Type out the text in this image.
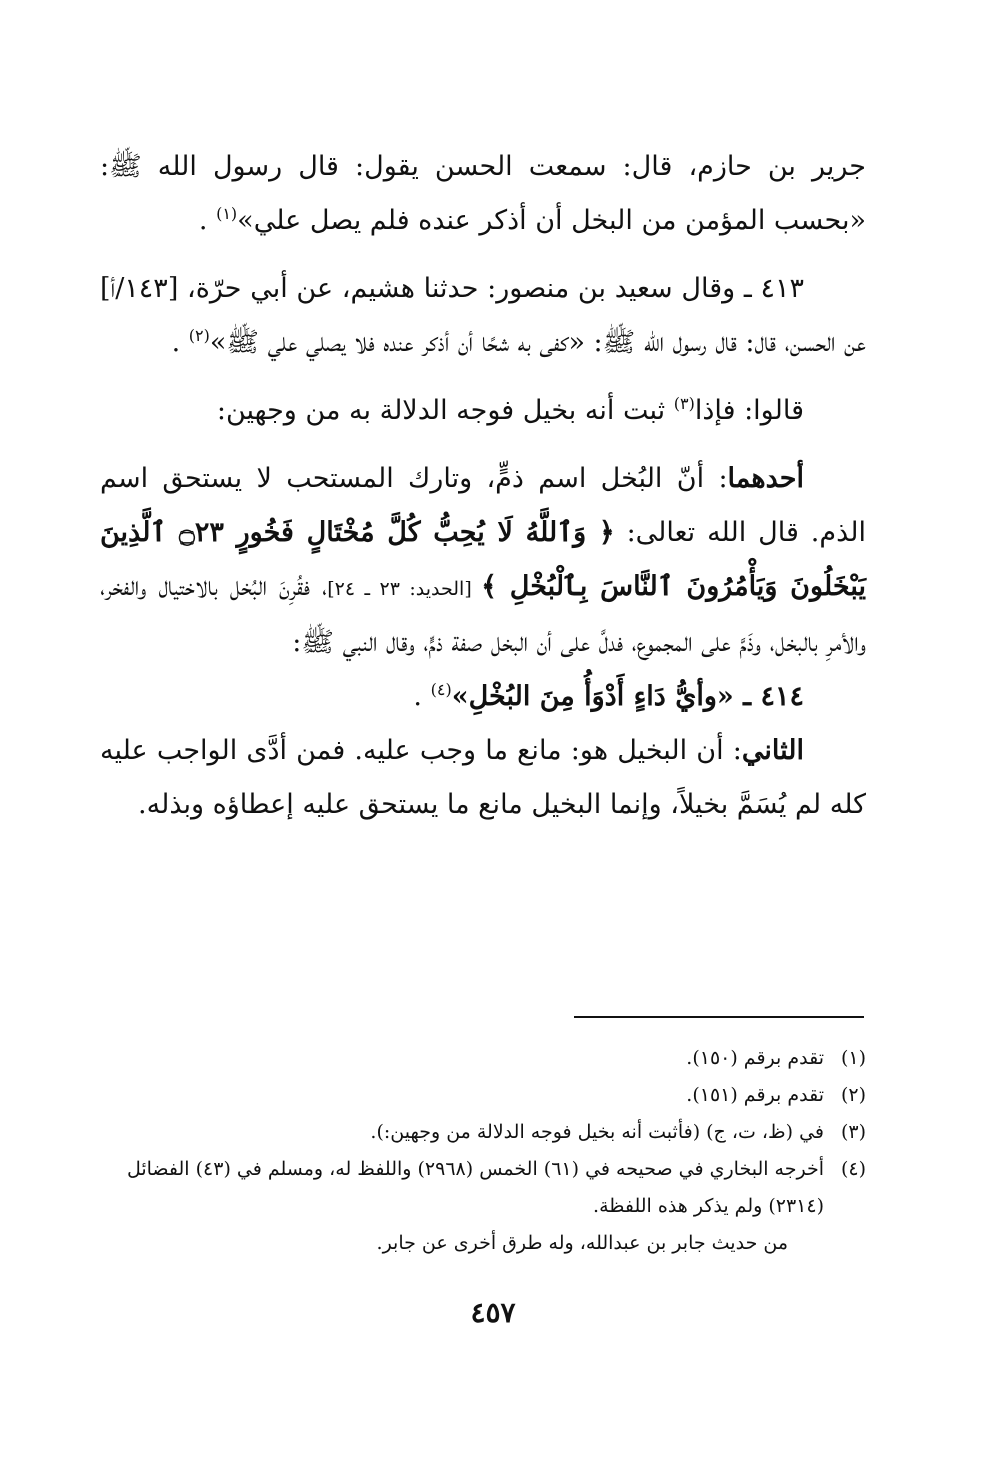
جرير بن حازم، قال: سمعت الحسن يقول: قال رسول الله ﷺ: «بحسب المؤمن من البخل أن أذكر عنده فلم يصل علي»$^{(١)}$ .

٤١٣ ـ وقال سعيد بن منصور: حدثنا هشيم، عن أبي حرّة، [١٤٣/أ] عن الحسن، قال: قال رسول الله ﷺ: «كفى به شحًا أن أذكر عنده فلا يصلي علي ﷺ»$^{(٢)}$ .

قالوا: فإذا$^{(٣)}$ ثبت أنه بخيل فوجه الدلالة به من وجهين:

أحدهما: أنّ البُخل اسم ذمٍّ، وتارك المستحب لا يستحق اسم الذم. قال الله تعالى: ﴿ وَٱللَّهُ لَا يُحِبُّ كُلَّ مُخْتَالٍ فَخُورٍ ۝٢٣ ٱلَّذِينَ يَبْخَلُونَ وَيَأْمُرُونَ ٱلنَّاسَ بِٱلْبُخْلِ ﴾ [الحديد: ٢٣ ـ ٢٤]، فقُرِنَ البُخل بالاختيال والفخر، والأمرِ بالبخل، وذَمَّ على المجموع، فدلَّ على أن البخل صفة ذمٍّ، وقال النبي ﷺ:

٤١٤ ـ «وأيُّ دَاءٍ أَدْوَأُ مِنَ البُخْلِ»$^{(٤)}$ .

الثاني: أن البخيل هو: مانع ما وجب عليه. فمن أدَّى الواجب عليه كله لم يُسَمَّ بخيلاً، وإنما البخيل مانع ما يستحق عليه إعطاؤه وبذله.

(١)
تقدم برقم (١٥٠).
(٢)
تقدم برقم (١٥١).
(٣)
في (ظ، ت، ج) (فأثبت أنه بخيل فوجه الدلالة من وجهين:).
(٤)
أخرجه البخاري في صحيحه في (٦١) الخمس (٢٩٦٨) واللفظ له، ومسلم في (٤٣) الفضائل (٢٣١٤) ولم يذكر هذه اللفظة.
من حديث جابر بن عبدالله، وله طرق أخرى عن جابر.
٤٥٧
